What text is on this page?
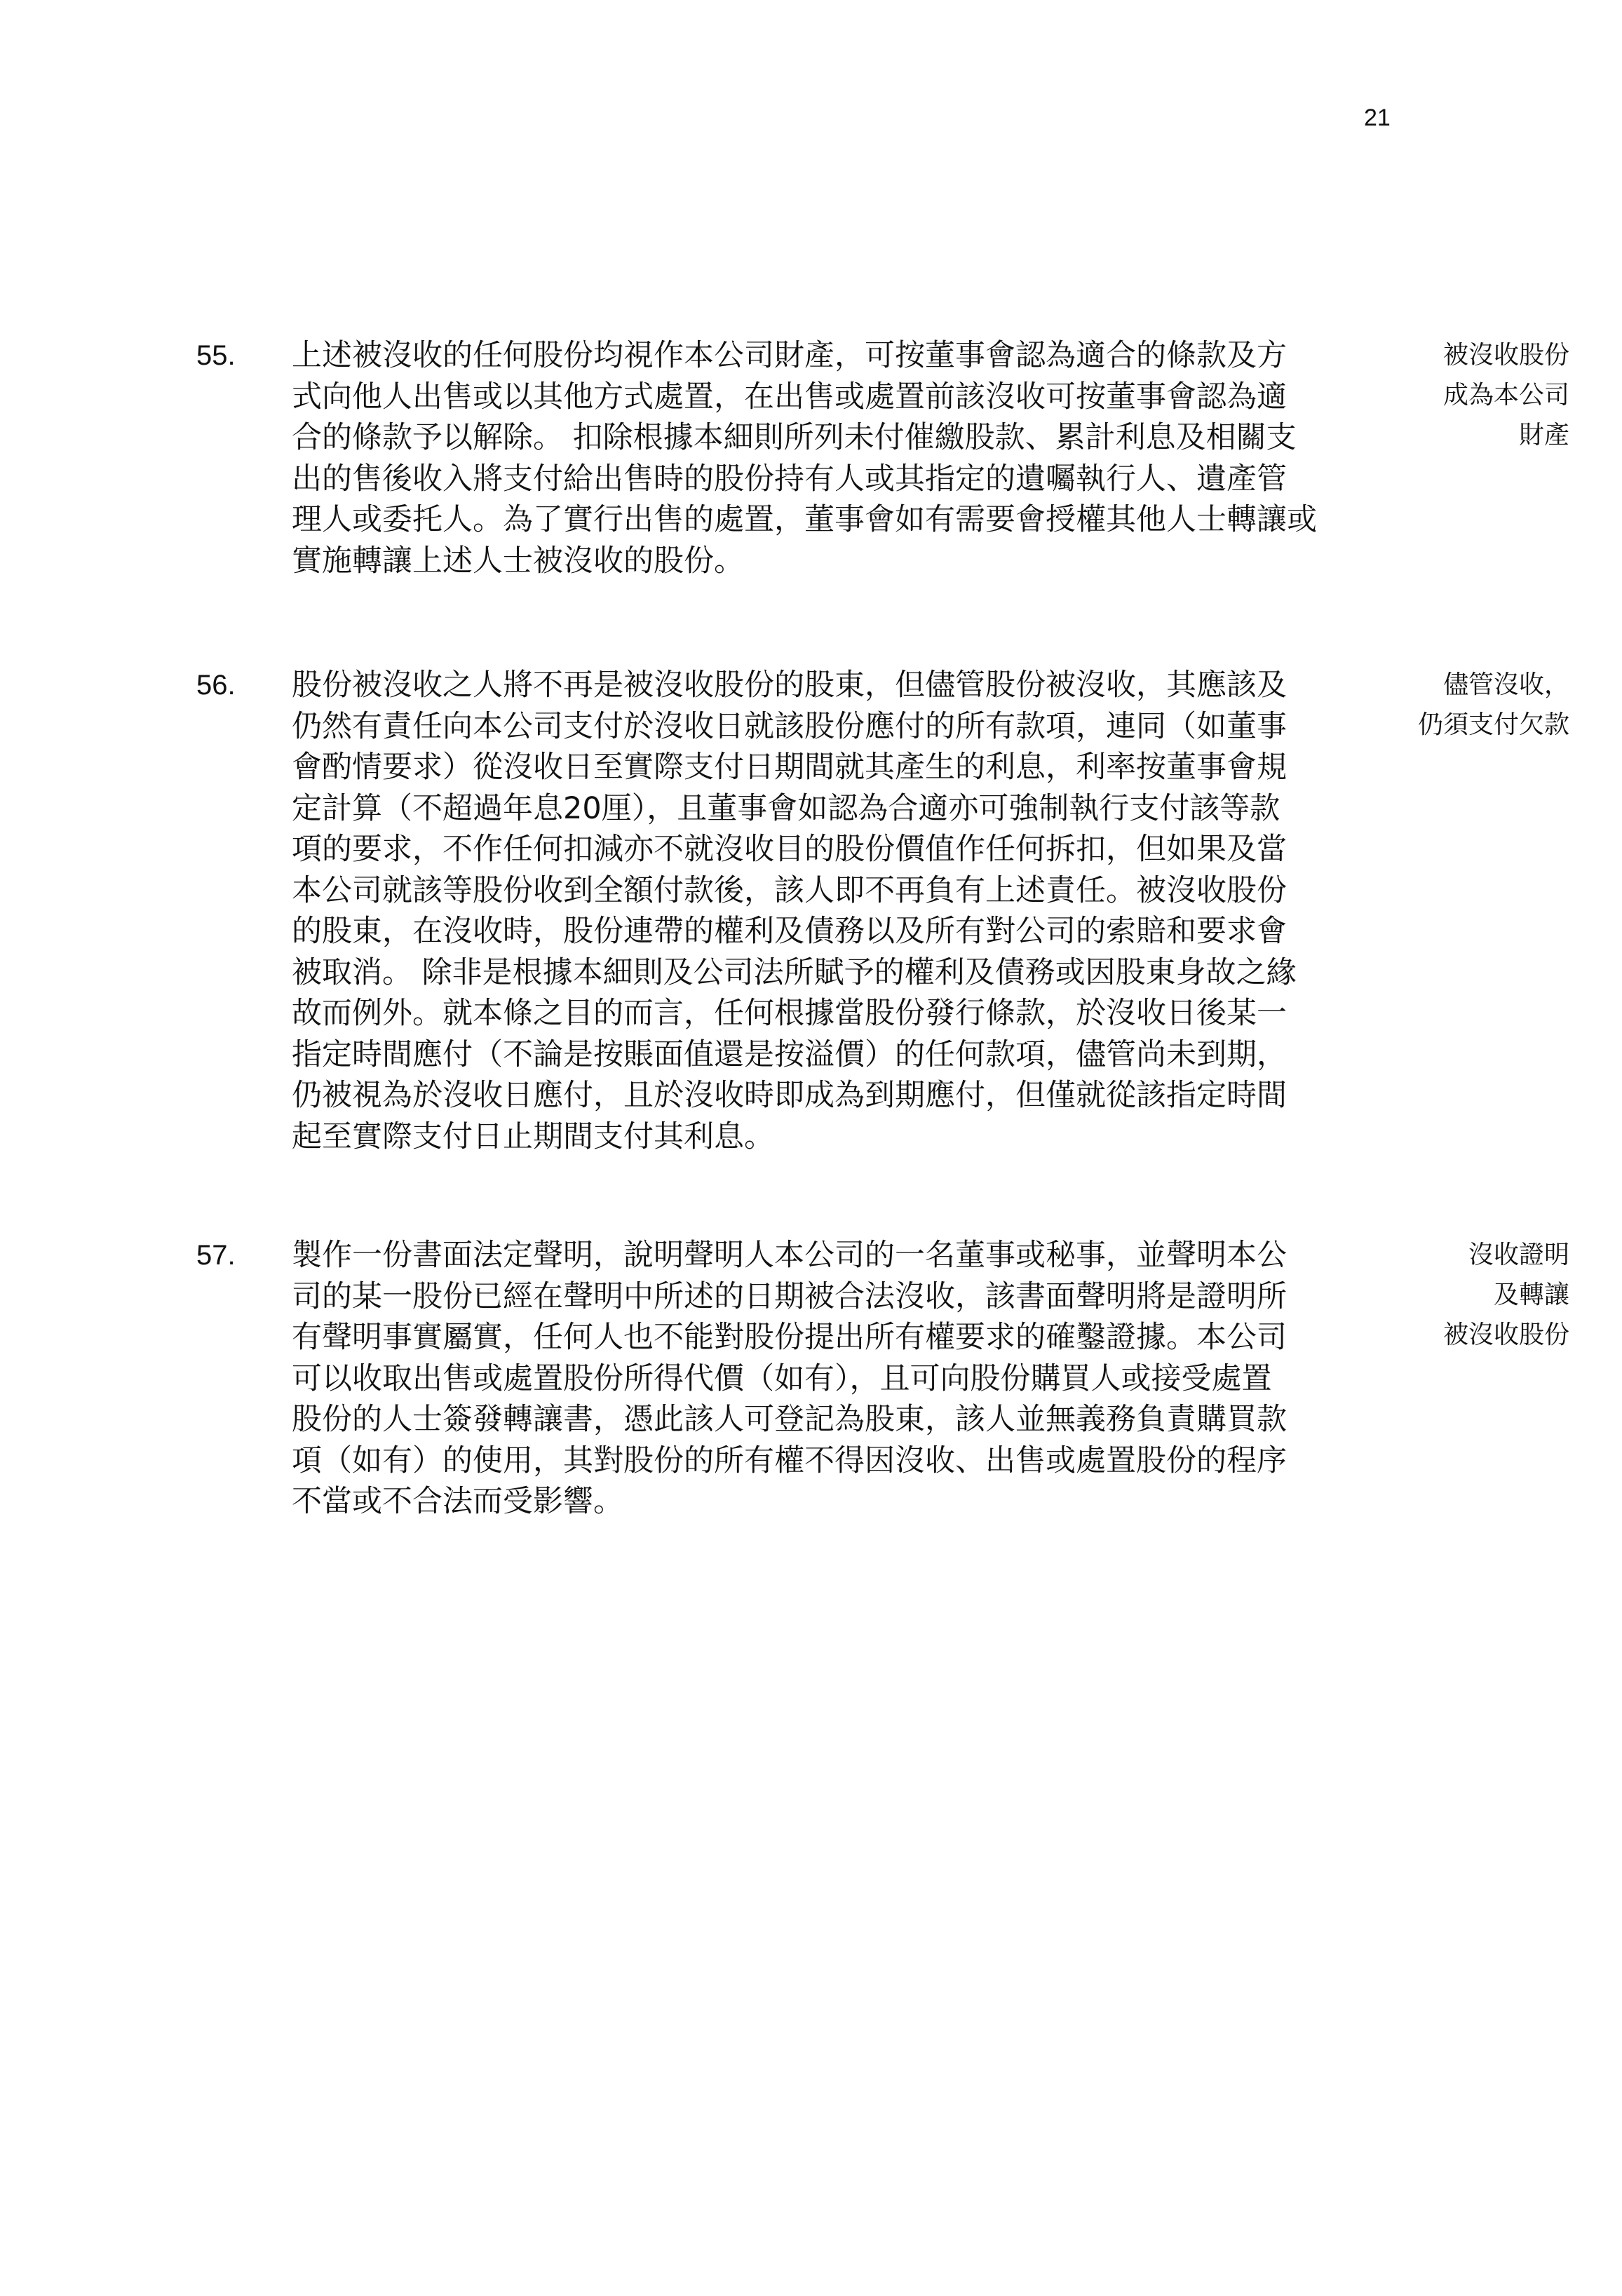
21
55. 上述被沒收的任何股份均視作本公司財產，可按董事會認為適合的條款及方
式向他人出售或以其他方式處置，在出售或處置前該沒收可按董事會認為適
合的條款予以解除。 扣除根據本細則所列未付催繳股款、累計利息及相關支
出的售後收入將支付給出售時的股份持有人或其指定的遺囑執行人、遺產管
理人或委托人。為了實行出售的處置，董事會如有需要會授權其他人士轉讓或
實施轉讓上述人士被沒收的股份。

被沒收股份
成為本公司
財產

56. 股份被沒收之人將不再是被沒收股份的股東，但儘管股份被沒收，其應該及
仍然有責任向本公司支付於沒收日就該股份應付的所有款項，連同（如董事
會酌情要求）從沒收日至實際支付日期間就其產生的利息，利率按董事會規
定計算（不超過年息20厘），且董事會如認為合適亦可強制執行支付該等款
項的要求，不作任何扣減亦不就沒收目的股份價值作任何拆扣，但如果及當
本公司就該等股份收到全額付款後，該人即不再負有上述責任。被沒收股份
的股東，在沒收時，股份連帶的權利及債務以及所有對公司的索賠和要求會
被取消。 除非是根據本細則及公司法所賦予的權利及債務或因股東身故之緣
故而例外。就本條之目的而言，任何根據當股份發行條款，於沒收日後某一
指定時間應付（不論是按賬面值還是按溢價）的任何款項，儘管尚未到期，
仍被視為於沒收日應付，且於沒收時即成為到期應付，但僅就從該指定時間
起至實際支付日止期間支付其利息。

儘管沒收，
仍須支付欠款

57. 製作一份書面法定聲明，說明聲明人本公司的一名董事或秘事，並聲明本公
司的某一股份已經在聲明中所述的日期被合法沒收，該書面聲明將是證明所
有聲明事實屬實，任何人也不能對股份提出所有權要求的確鑿證據。本公司
可以收取出售或處置股份所得代價（如有），且可向股份購買人或接受處置
股份的人士簽發轉讓書，憑此該人可登記為股東，該人並無義務負責購買款
項（如有）的使用，其對股份的所有權不得因沒收、出售或處置股份的程序
不當或不合法而受影響。

沒收證明
及轉讓
被沒收股份
